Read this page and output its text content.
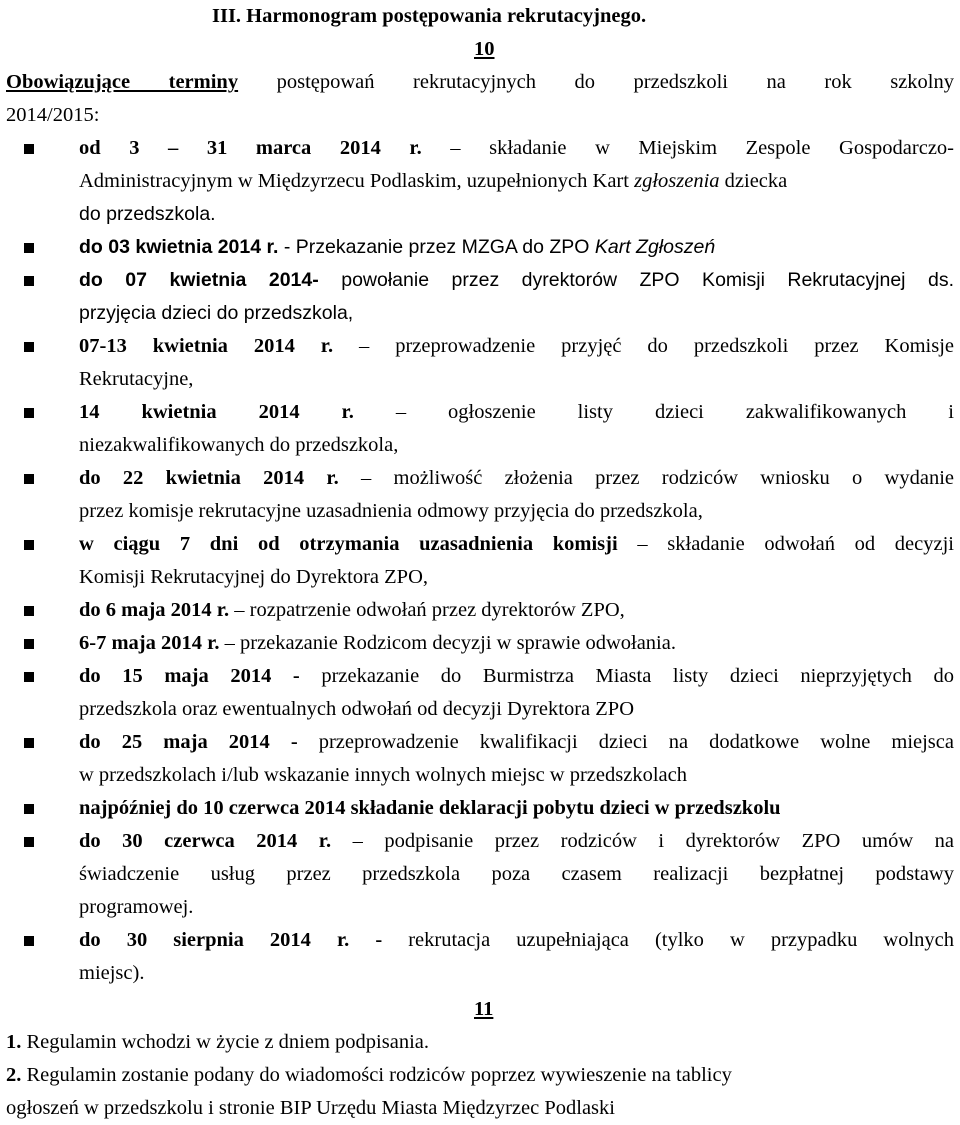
III. Harmonogram postępowania rekrutacyjnego.
10
Obowiązujące terminy postępowań rekrutacyjnych do przedszkoli na rok szkolny
2014/2015:
od 3 – 31 marca 2014 r. – składanie w Miejskim Zespole Gospodarczo-
Administracyjnym w Międzyrzecu Podlaskim, uzupełnionych Kart zgłoszenia dziecka
do przedszkola.
do 03 kwietnia 2014 r. - Przekazanie przez MZGA do ZPO Kart Zgłoszeń
do 07 kwietnia 2014- powołanie przez dyrektorów ZPO Komisji Rekrutacyjnej ds.
przyjęcia dzieci do przedszkola,
07-13 kwietnia 2014 r. – przeprowadzenie przyjęć do przedszkoli przez Komisje
Rekrutacyjne,
14 kwietnia 2014 r. – ogłoszenie listy dzieci zakwalifikowanych i
niezakwalifikowanych do przedszkola,
do 22 kwietnia 2014 r. – możliwość złożenia przez rodziców wniosku o wydanie
przez komisje rekrutacyjne uzasadnienia odmowy przyjęcia do przedszkola,
w ciągu 7 dni od otrzymania uzasadnienia komisji – składanie odwołań od decyzji
Komisji Rekrutacyjnej do Dyrektora ZPO,
do 6 maja 2014 r. – rozpatrzenie odwołań przez dyrektorów ZPO,
6-7 maja 2014 r. – przekazanie Rodzicom decyzji w sprawie odwołania.
do 15 maja 2014 - przekazanie do Burmistrza Miasta listy dzieci nieprzyjętych do
przedszkola oraz ewentualnych odwołań od decyzji Dyrektora ZPO
do 25 maja 2014 - przeprowadzenie kwalifikacji dzieci na dodatkowe wolne miejsca
w przedszkolach i/lub wskazanie innych wolnych miejsc w przedszkolach
najpóźniej do 10 czerwca 2014 składanie deklaracji pobytu dzieci w przedszkolu
do 30 czerwca 2014 r. – podpisanie przez rodziców i dyrektorów ZPO umów na
świadczenie usług przez przedszkola poza czasem realizacji bezpłatnej podstawy
programowej.
do 30 sierpnia 2014 r. - rekrutacja uzupełniająca (tylko w przypadku wolnych
miejsc).
11
1. Regulamin wchodzi w życie z dniem podpisania.
2. Regulamin zostanie podany do wiadomości rodziców poprzez wywieszenie na tablicy
ogłoszeń w przedszkolu i stronie BIP Urzędu Miasta Międzyrzec Podlaski
